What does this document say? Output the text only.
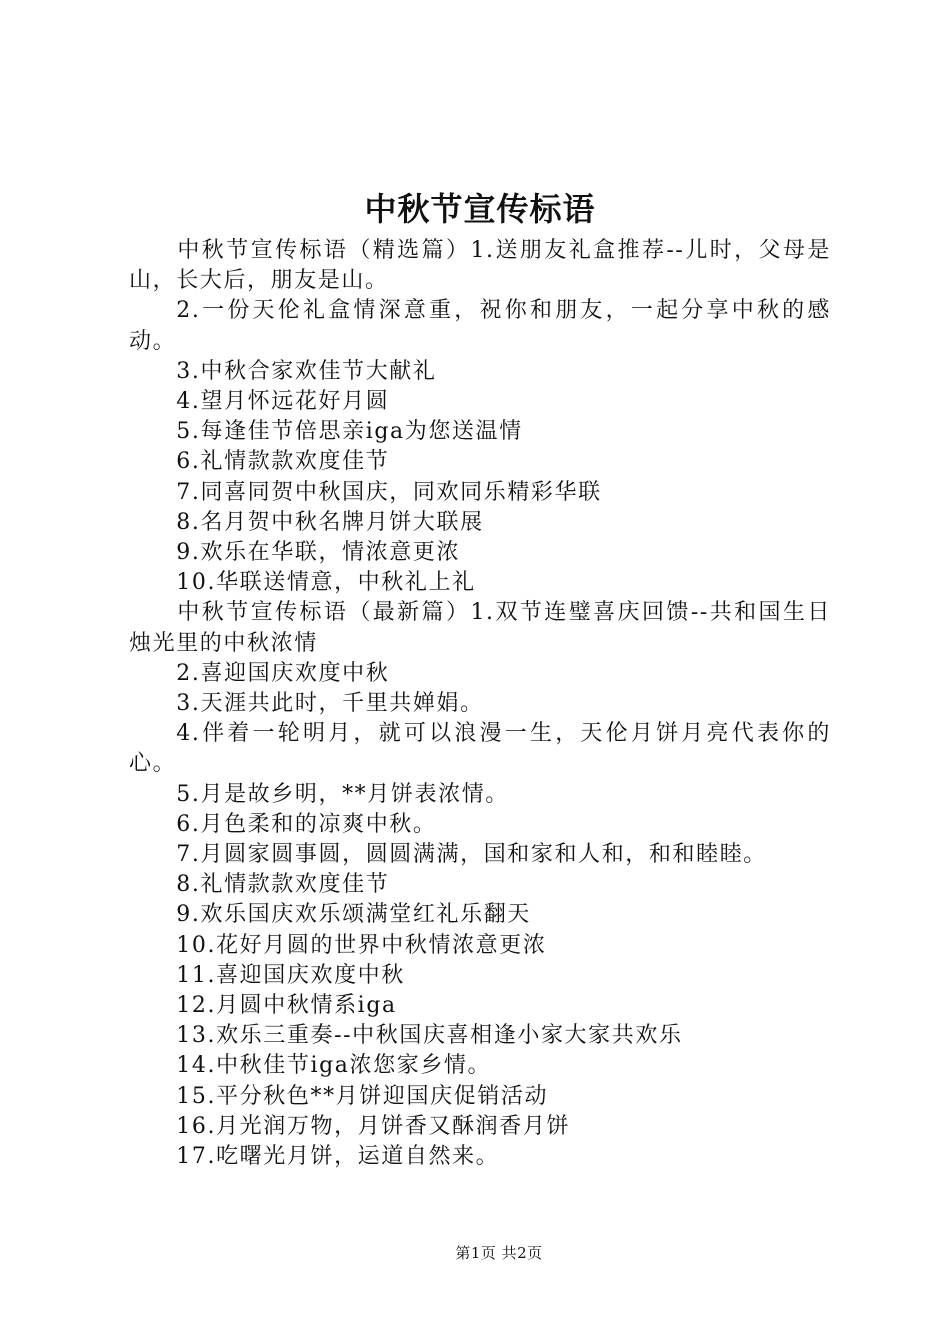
中秋节宣传标语

中秋节宣传标语（精选篇）1.送朋友礼盒推荐--儿时，父母是山，长大后，朋友是山。

2.一份天伦礼盒情深意重，祝你和朋友，一起分享中秋的感动。

3.中秋合家欢佳节大献礼

4.望月怀远花好月圆

5.每逢佳节倍思亲iga为您送温情

6.礼情款款欢度佳节

7.同喜同贺中秋国庆，同欢同乐精彩华联

8.名月贺中秋名牌月饼大联展

9.欢乐在华联，情浓意更浓

10.华联送情意，中秋礼上礼

中秋节宣传标语（最新篇）1.双节连璧喜庆回馈--共和国生日烛光里的中秋浓情

2.喜迎国庆欢度中秋

3.天涯共此时，千里共婵娟。

4.伴着一轮明月，就可以浪漫一生，天伦月饼月亮代表你的心。

5.月是故乡明，**月饼表浓情。

6.月色柔和的凉爽中秋。

7.月圆家圆事圆，圆圆满满，国和家和人和，和和睦睦。

8.礼情款款欢度佳节

9.欢乐国庆欢乐颂满堂红礼乐翻天

10.花好月圆的世界中秋情浓意更浓

11.喜迎国庆欢度中秋

12.月圆中秋情系iga

13.欢乐三重奏--中秋国庆喜相逢小家大家共欢乐

14.中秋佳节iga浓您家乡情。

15.平分秋色**月饼迎国庆促销活动

16.月光润万物，月饼香又酥润香月饼

17.吃曙光月饼，运道自然来。

第1页 共2页
